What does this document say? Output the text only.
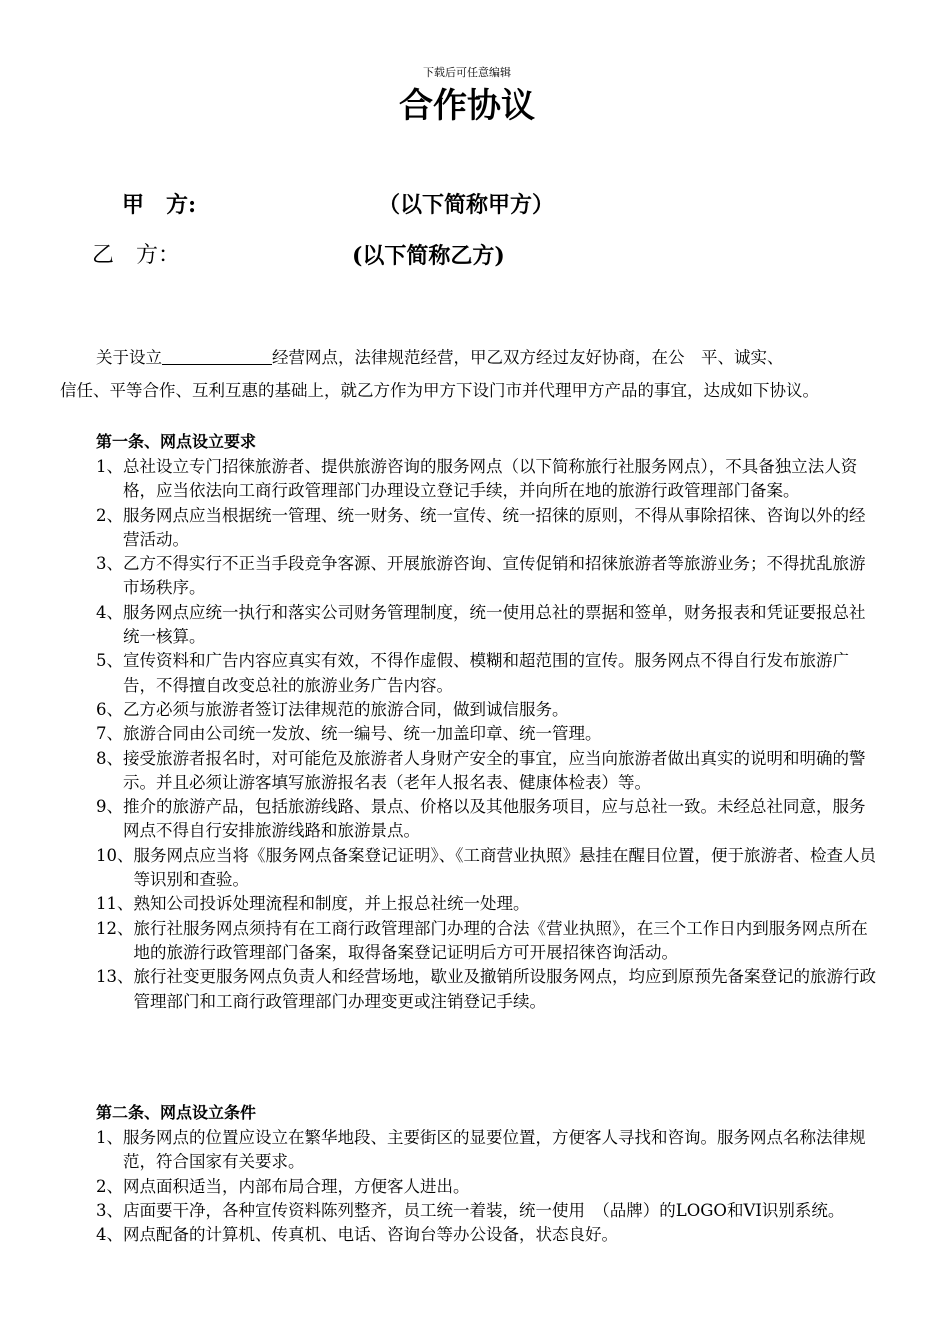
下载后可任意编辑
合作协议
甲　方:	（以下简称甲方）
乙　方：	(以下简称乙方)
关于设立	经营网点，法律规范经营，甲乙双方经过友好协商，在公　平、诚实、
信任、平等合作、互利互惠的基础上，就乙方作为甲方下设门市并代理甲方产品的事宜，达成如下协议。
第一条、网点设立要求
1、 总社设立专门招徕旅游者、提供旅游咨询的服务网点（以下简称旅行社服务网点），不具备独立法人资格，应当依法向工商行政管理部门办理设立登记手续，并向所在地的旅游行政管理部门备案。
2、 服务网点应当根据统一管理、统一财务、统一宣传、统一招徕的原则，不得从事除招徕、咨询以外的经营活动。
3、 乙方不得实行不正当手段竞争客源、开展旅游咨询、宣传促销和招徕旅游者等旅游业务；不得扰乱旅游市场秩序。
4、 服务网点应统一执行和落实公司财务管理制度，统一使用总社的票据和签单，财务报表和凭证要报总社统一核算。
5、 宣传资料和广告内容应真实有效，不得作虚假、模糊和超范围的宣传。服务网点不得自行发布旅游广告，不得擅自改变总社的旅游业务广告内容。
6、 乙方必须与旅游者签订法律规范的旅游合同，做到诚信服务。
7、 旅游合同由公司统一发放、统一编号、统一加盖印章、统一管理。
8、 接受旅游者报名时，对可能危及旅游者人身财产安全的事宜，应当向旅游者做出真实的说明和明确的警示。并且必须让游客填写旅游报名表（老年人报名表、健康体检表）等。
9、 推介的旅游产品，包括旅游线路、景点、价格以及其他服务项目，应与总社一致。未经总社同意，服务网点不得自行安排旅游线路和旅游景点。
10、 服务网点应当将《服务网点备案登记证明》、《工商营业执照》悬挂在醒目位置，便于旅游者、检查人员等识别和查验。
11、 熟知公司投诉处理流程和制度，并上报总社统一处理。
12、 旅行社服务网点须持有在工商行政管理部门办理的合法《营业执照》，在三个工作日内到服务网点所在地的旅游行政管理部门备案，取得备案登记证明后方可开展招徕咨询活动。
13、 旅行社变更服务网点负责人和经营场地，歇业及撤销所设服务网点，均应到原预先备案登记的旅游行政管理部门和工商行政管理部门办理变更或注销登记手续。
第二条、网点设立条件
1、 服务网点的位置应设立在繁华地段、主要街区的显要位置，方便客人寻找和咨询。服务网点名称法律规范，符合国家有关要求。
2、 网点面积适当，内部布局合理，方便客人进出。
3、 店面要干净，各种宣传资料陈列整齐，员工统一着装，统一使用　（品牌）的LOGO和VI识别系统。
4、 网点配备的计算机、传真机、电话、咨询台等办公设备，状态良好。
